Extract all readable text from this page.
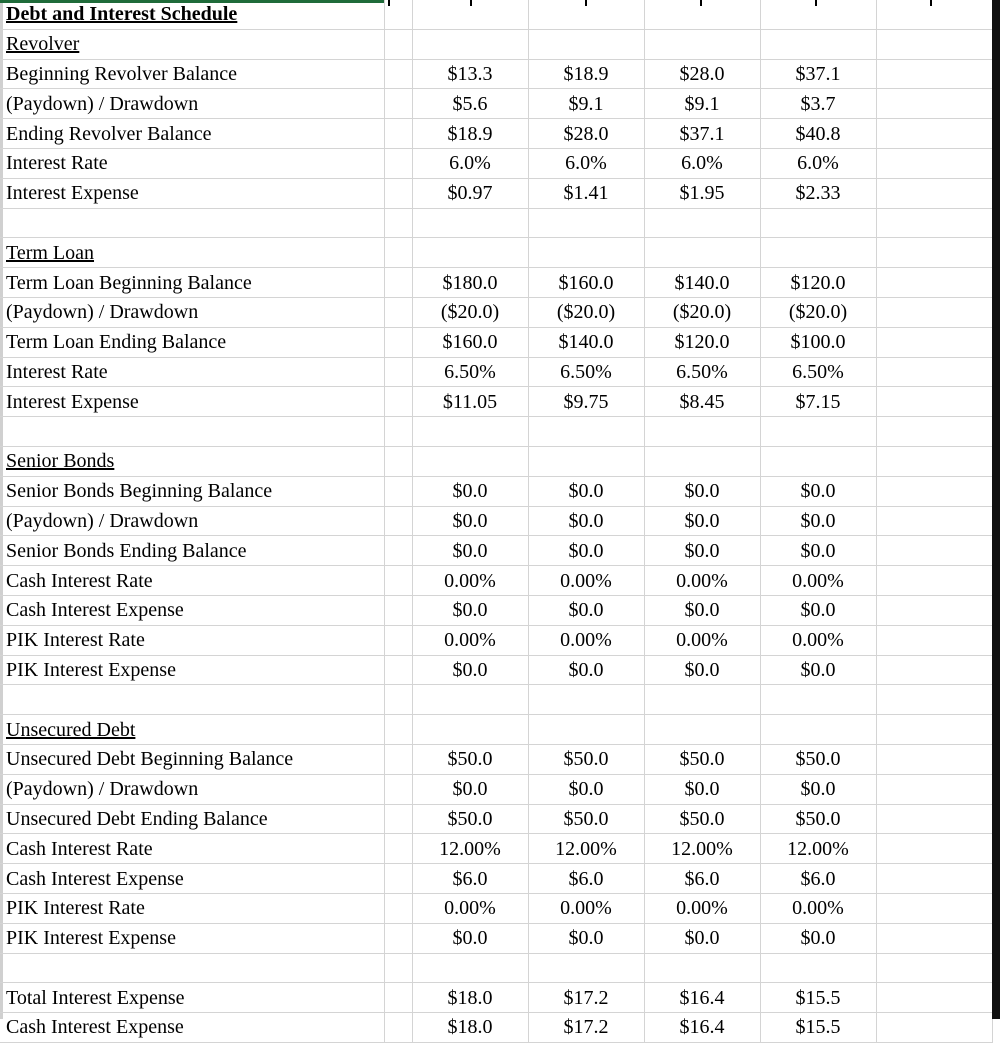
Debt and Interest Schedule						
Revolver						
Beginning Revolver Balance		$13.3	$18.9	$28.0	$37.1	
(Paydown) / Drawdown		$5.6	$9.1	$9.1	$3.7	
Ending Revolver Balance		$18.9	$28.0	$37.1	$40.8	
Interest Rate		6.0%	6.0%	6.0%	6.0%	
Interest Expense		$0.97	$1.41	$1.95	$2.33	

Term Loan						
Term Loan Beginning Balance		$180.0	$160.0	$140.0	$120.0	
(Paydown) / Drawdown		($20.0)	($20.0)	($20.0)	($20.0)	
Term Loan Ending Balance		$160.0	$140.0	$120.0	$100.0	
Interest Rate		6.50%	6.50%	6.50%	6.50%	
Interest Expense		$11.05	$9.75	$8.45	$7.15	

Senior Bonds						
Senior Bonds Beginning Balance		$0.0	$0.0	$0.0	$0.0	
(Paydown) / Drawdown		$0.0	$0.0	$0.0	$0.0	
Senior Bonds Ending Balance		$0.0	$0.0	$0.0	$0.0	
Cash Interest Rate		0.00%	0.00%	0.00%	0.00%	
Cash Interest Expense		$0.0	$0.0	$0.0	$0.0	
PIK Interest Rate		0.00%	0.00%	0.00%	0.00%	
PIK Interest Expense		$0.0	$0.0	$0.0	$0.0	

Unsecured Debt						
Unsecured Debt Beginning Balance		$50.0	$50.0	$50.0	$50.0	
(Paydown) / Drawdown		$0.0	$0.0	$0.0	$0.0	
Unsecured Debt Ending Balance		$50.0	$50.0	$50.0	$50.0	
Cash Interest Rate		12.00%	12.00%	12.00%	12.00%	
Cash Interest Expense		$6.0	$6.0	$6.0	$6.0	
PIK Interest Rate		0.00%	0.00%	0.00%	0.00%	
PIK Interest Expense		$0.0	$0.0	$0.0	$0.0	

Total Interest Expense		$18.0	$17.2	$16.4	$15.5	
Cash Interest Expense		$18.0	$17.2	$16.4	$15.5	
